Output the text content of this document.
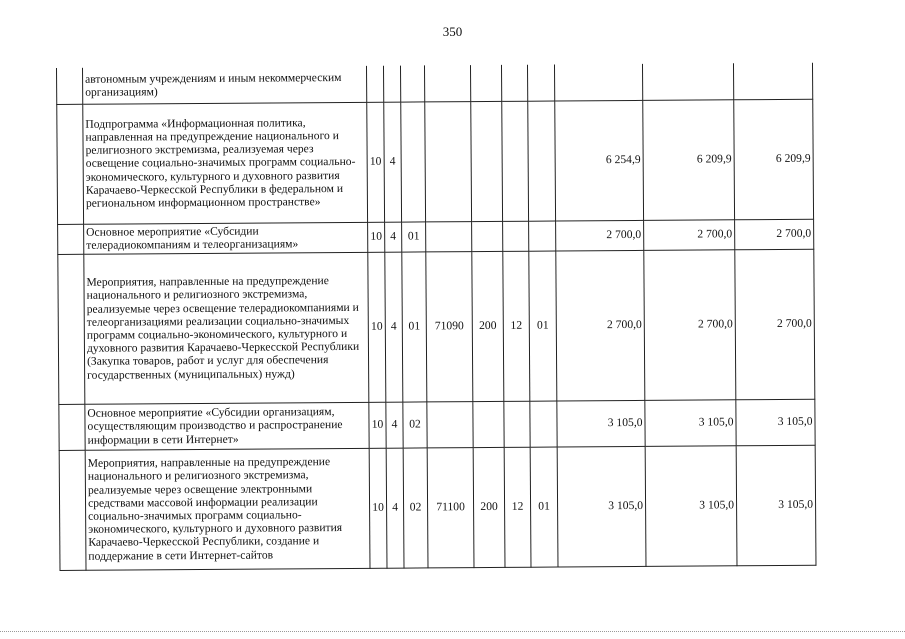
350
	автономным учреждениям и иным некоммерческим организациям)										
	Подпрограмма «Информационная политика, направленная на предупреждение национального и религиозного экстремизма, реализуемая через освещение социально-значимых программ социально-экономического, культурного и духовного развития Карачаево-Черкесской Республики в федеральном и региональном информационном пространстве»	10	4						6 254,9	6 209,9	6 209,9
	Основное мероприятие «Субсидии телерадиокомпаниям и телеорганизациям»	10	4	01					2 700,0	2 700,0	2 700,0
	Мероприятия, направленные на предупреждение национального и религиозного экстремизма, реализуемые через освещение телерадиокомпаниями и телеорганизациями реализации социально-значимых программ социально-экономического, культурного и духовного развития Карачаево-Черкесской Республики (Закупка товаров, работ и услуг для обеспечения государственных (муниципальных) нужд)	10	4	01	71090	200	12	01	2 700,0	2 700,0	2 700,0
	Основное мероприятие «Субсидии организациям, осуществляющим производство и распространение информации в сети Интернет»	10	4	02					3 105,0	3 105,0	3 105,0
	Мероприятия, направленные на предупреждение национального и религиозного экстремизма, реализуемые через освещение электронными средствами массовой информации реализации социально-значимых программ социально-экономического, культурного и духовного развития Карачаево-Черкесской Республики, создание и поддержание в сети Интернет-сайтов	10	4	02	71100	200	12	01	3 105,0	3 105,0	3 105,0
